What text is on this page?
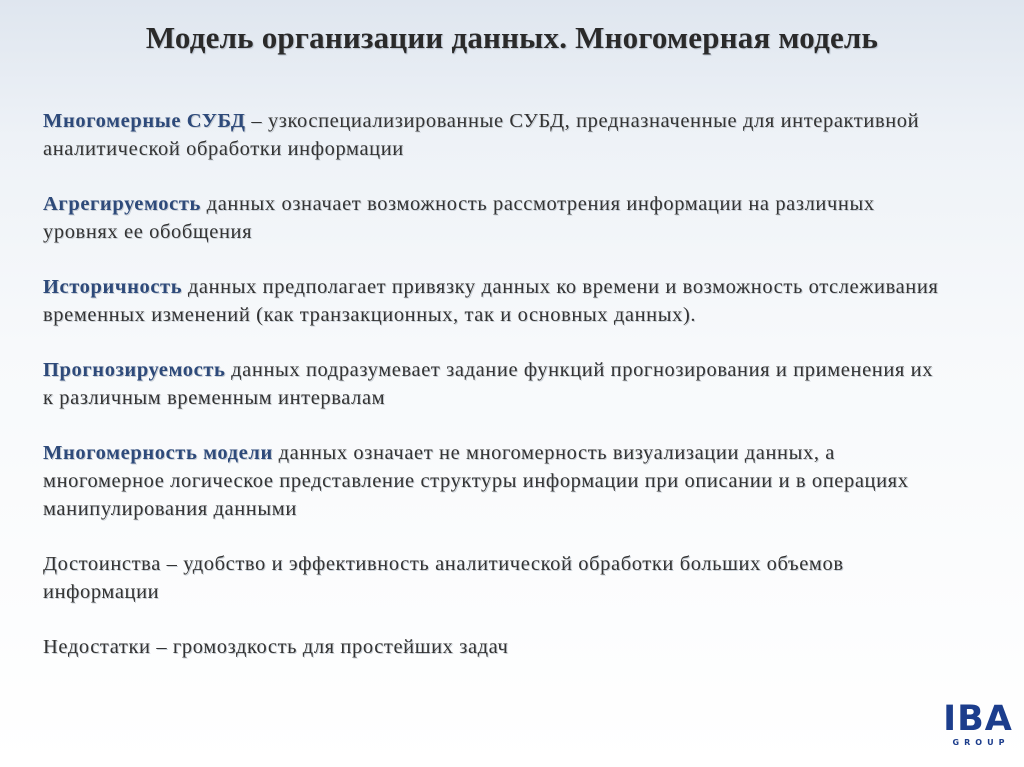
Модель организации данных. Многомерная модель

Многомерные СУБД – узкоспециализированные СУБД, предназначенные для интерактивной аналитической обработки информации

Агрегируемость данных означает возможность рассмотрения информации на различных уровнях ее обобщения

Историчность данных предполагает привязку данных ко времени и возможность отслеживания временных изменений (как транзакционных, так и основных данных).

Прогнозируемость данных подразумевает задание функций прогнозирования и применения их к различным временным интервалам

Многомерность модели данных означает не многомерность визуализации данных, а многомерное логическое представление структуры информации при описании и в операциях манипулирования данными

Достоинства – удобство и эффективность аналитической обработки больших объемов информации

Недостатки – громоздкость для простейших задач

IBA
GROUP
